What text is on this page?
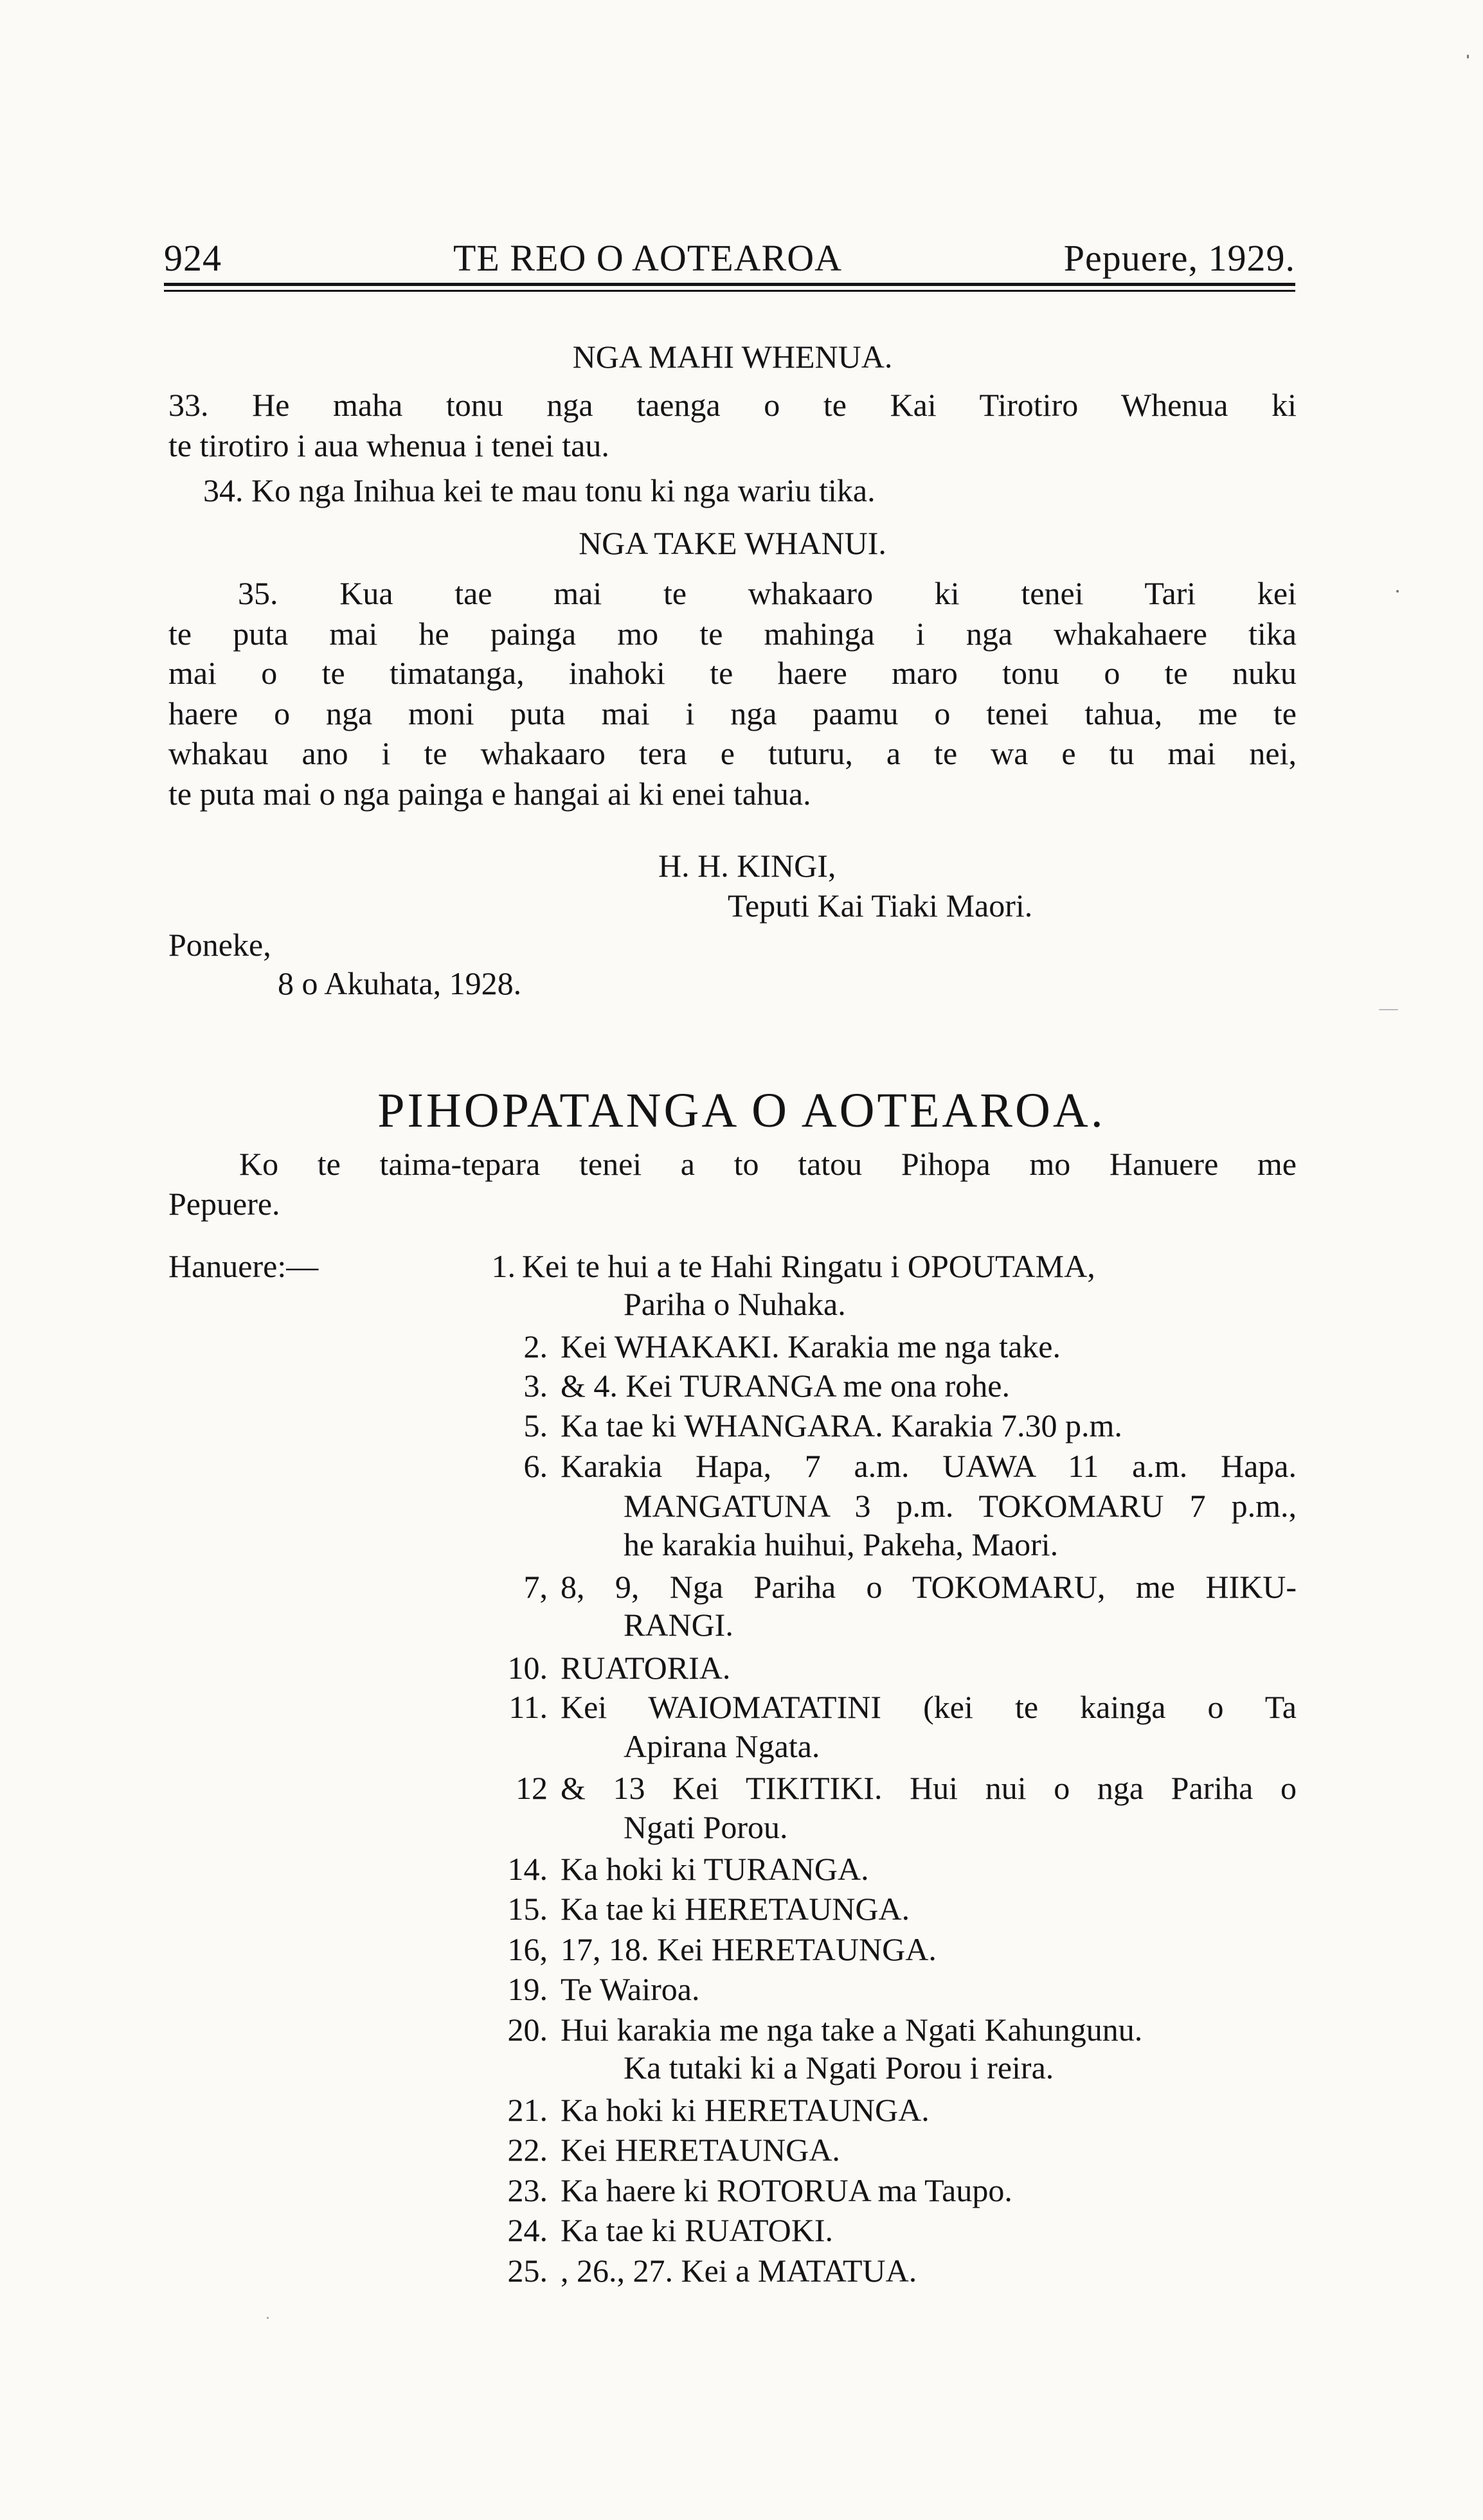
924	TE REO O AOTEAROA	Pepuere, 1929.
NGA MAHI WHENUA.
33. He maha tonu nga taenga o te Kai Tirotiro Whenua ki
te tirotiro i aua whenua i tenei tau.
34. Ko nga Inihua kei te mau tonu ki nga wariu tika.
NGA TAKE WHANUI.
35. Kua tae mai te whakaaro ki tenei Tari kei
te puta mai he painga mo te mahinga i nga whakahaere tika
mai o te timatanga, inahoki te haere maro tonu o te nuku
haere o nga moni puta mai i nga paamu o tenei tahua, me te
whakau ano i te whakaaro tera e tuturu, a te wa e tu mai nei,
te puta mai o nga painga e hangai ai ki enei tahua.
H. H. KINGI,
Teputi Kai Tiaki Maori.
Poneke,
8 o Akuhata, 1928.
PIHOPATANGA O AOTEAROA.
Ko te taima-tepara tenei a to tatou Pihopa mo Hanuere me
Pepuere.
Hanuere:—	1. Kei te hui a te Hahi Ringatu i OPOUTAMA,
Pariha o Nuhaka.
2. Kei WHAKAKI. Karakia me nga take.
3. & 4. Kei TURANGA me ona rohe.
5. Ka tae ki WHANGARA. Karakia 7.30 p.m.
6. Karakia Hapa, 7 a.m. UAWA 11 a.m. Hapa.
MANGATUNA 3 p.m. TOKOMARU 7 p.m.,
he karakia huihui, Pakeha, Maori.
7, 8, 9, Nga Pariha o TOKOMARU, me HIKU-
RANGI.
10. RUATORIA.
11. Kei WAIOMATATINI (kei te kainga o Ta
Apirana Ngata.
12 & 13 Kei TIKITIKI. Hui nui o nga Pariha o
Ngati Porou.
14. Ka hoki ki TURANGA.
15. Ka tae ki HERETAUNGA.
16, 17, 18. Kei HERETAUNGA.
19. Te Wairoa.
20. Hui karakia me nga take a Ngati Kahungunu.
Ka tutaki ki a Ngati Porou i reira.
21. Ka hoki ki HERETAUNGA.
22. Kei HERETAUNGA.
23. Ka haere ki ROTORUA ma Taupo.
24. Ka tae ki RUATOKI.
25. , 26., 27. Kei a MATATUA.
